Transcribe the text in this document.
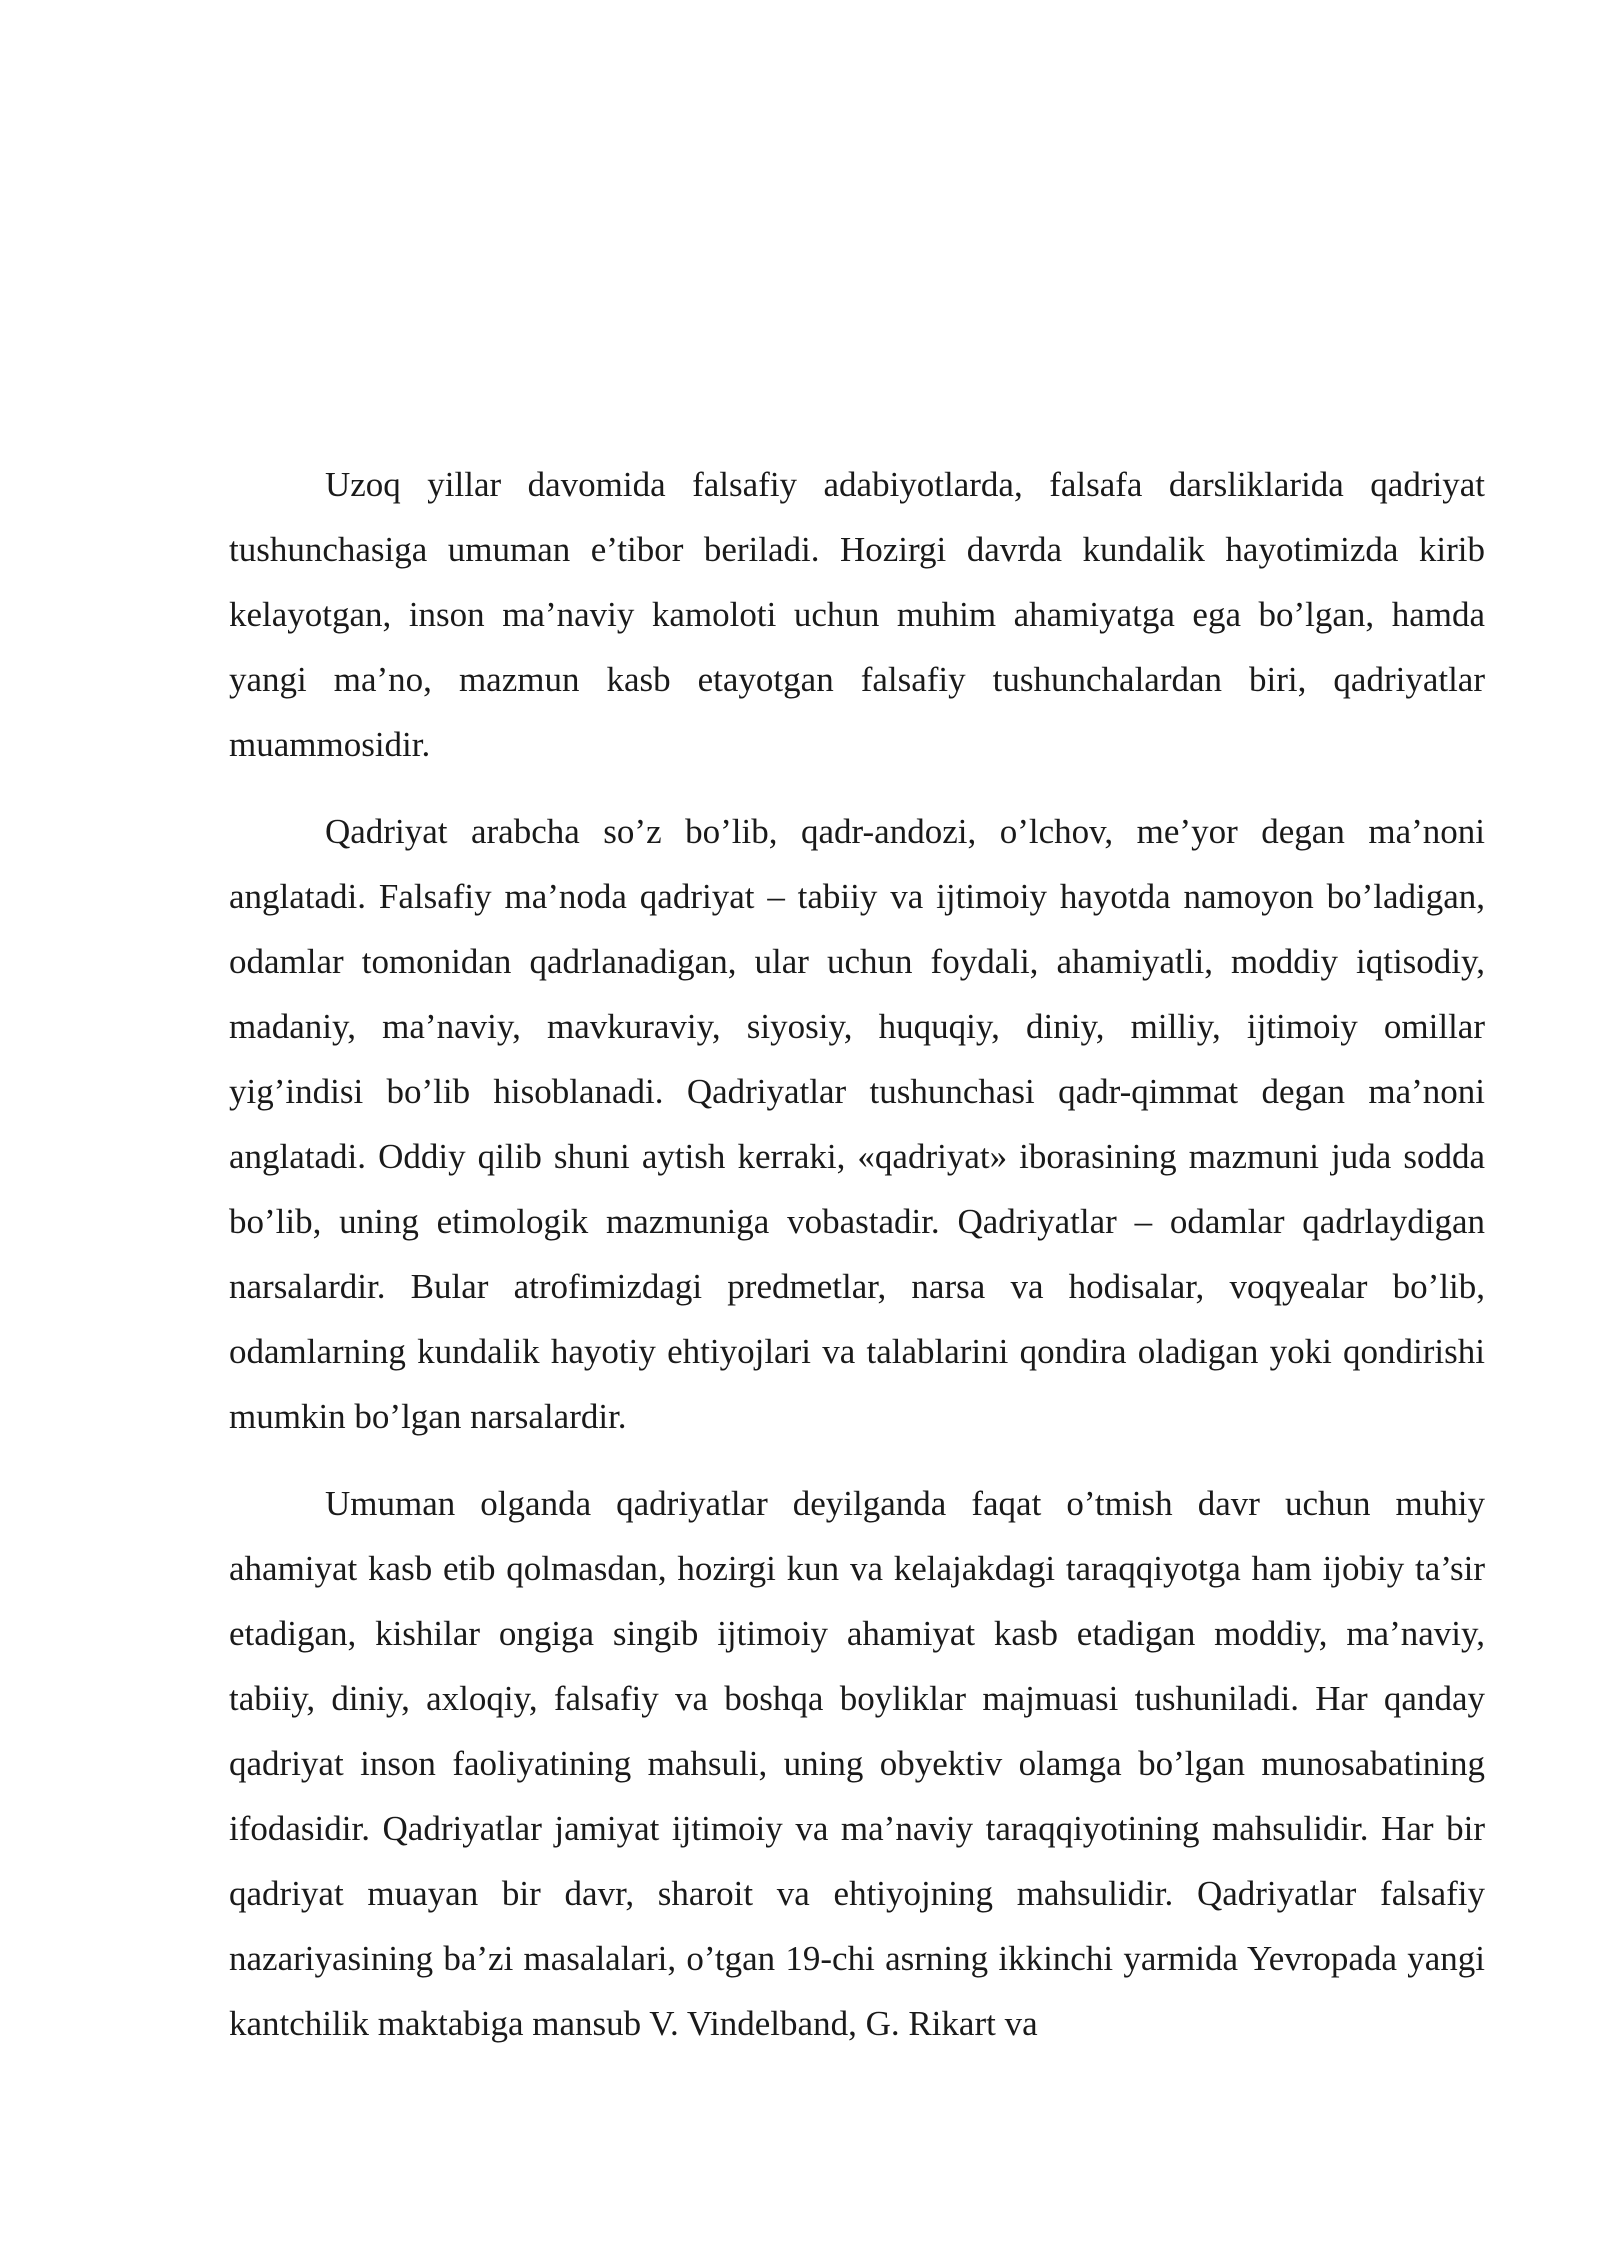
Uzoq yillar davomida falsafiy adabiyotlarda, falsafa darsliklarida qadriyat tushunchasiga umuman e’tibor beriladi. Hozirgi davrda kundalik hayotimizda kirib kelayotgan, inson ma’naviy kamoloti uchun muhim ahamiyatga ega bo’lgan, hamda yangi ma’no, mazmun kasb etayotgan falsafiy tushunchalardan biri, qadriyatlar muammosidir.

Qadriyat arabcha so’z bo’lib, qadr-andozi, o’lchov, me’yor degan ma’noni anglatadi. Falsafiy ma’noda qadriyat – tabiiy va ijtimoiy hayotda namoyon bo’ladigan, odamlar tomonidan qadrlanadigan, ular uchun foydali, ahamiyatli, moddiy iqtisodiy, madaniy, ma’naviy, mavkuraviy, siyosiy, huquqiy, diniy, milliy, ijtimoiy omillar yig’indisi bo’lib hisoblanadi. Qadriyatlar tushunchasi qadr-qimmat degan ma’noni anglatadi. Oddiy qilib shuni aytish kerraki, «qadriyat» iborasining mazmuni juda sodda bo’lib, uning etimologik mazmuniga vobastadir. Qadriyatlar – odamlar qadrlaydigan narsalardir. Bular atrofimizdagi predmetlar, narsa va hodisalar, voqyealar bo’lib, odamlarning kundalik hayotiy ehtiyojlari va talablarini qondira oladigan yoki qondirishi mumkin bo’lgan narsalardir.

Umuman olganda qadriyatlar deyilganda faqat o’tmish davr uchun muhiy ahamiyat kasb etib qolmasdan, hozirgi kun va kelajakdagi taraqqiyotga ham ijobiy ta’sir etadigan, kishilar ongiga singib ijtimoiy ahamiyat kasb etadigan moddiy, ma’naviy, tabiiy, diniy, axloqiy, falsafiy va boshqa boyliklar majmuasi tushuniladi. Har qanday qadriyat inson faoliyatining mahsuli, uning obyektiv olamga bo’lgan munosabatining ifodasidir. Qadriyatlar jamiyat ijtimoiy va ma’naviy taraqqiyotining mahsulidir. Har bir qadriyat muayan bir davr, sharoit va ehtiyojning mahsulidir. Qadriyatlar falsafiy nazariyasining ba’zi masalalari, o’tgan 19-chi asrning ikkinchi yarmida Yevropada yangi kantchilik maktabiga mansub V. Vindelband, G. Rikart va
